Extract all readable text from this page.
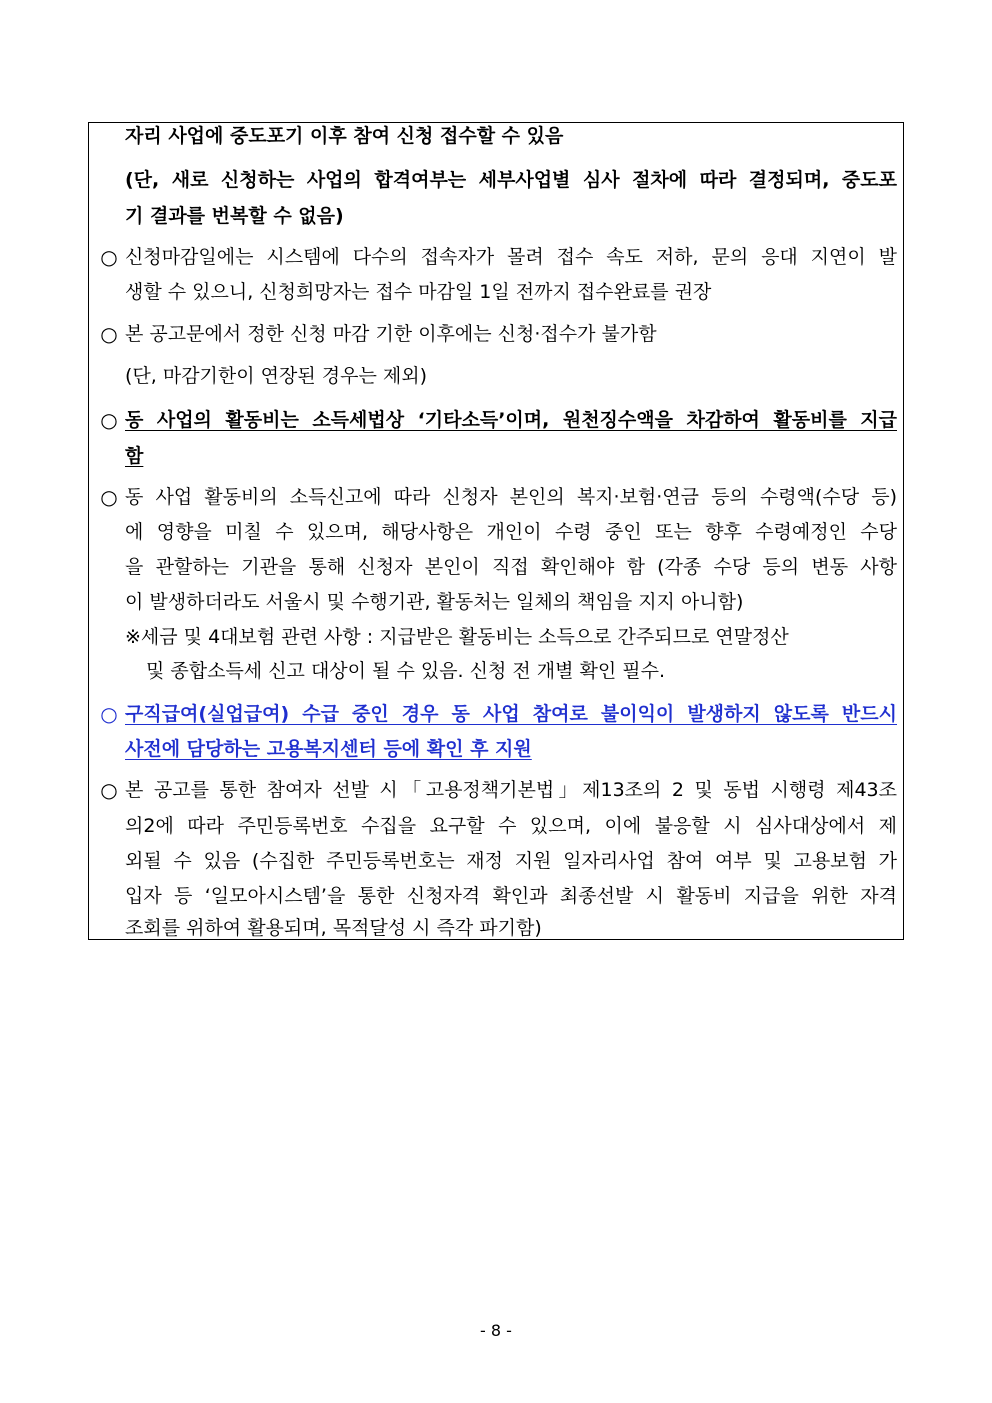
자리 사업에 중도포기 이후 참여 신청 접수할 수 있음
(단, 새로 신청하는 사업의 합격여부는 세부사업별 심사 절차에 따라 결정되며, 중도포
기 결과를 번복할 수 없음)
○ 신청마감일에는 시스템에 다수의 접속자가 몰려 접수 속도 저하, 문의 응대 지연이 발
생할 수 있으니, 신청희망자는 접수 마감일 1일 전까지 접수완료를 권장
○ 본 공고문에서 정한 신청 마감 기한 이후에는 신청‧접수가 불가함
(단, 마감기한이 연장된 경우는 제외)
○ 동 사업의 활동비는 소득세법상 ‘기타소득’이며, 원천징수액을 차감하여 활동비를 지급
함
○ 동 사업 활동비의 소득신고에 따라 신청자 본인의 복지‧보험‧연금 등의 수령액(수당 등)
에 영향을 미칠 수 있으며, 해당사항은 개인이 수령 중인 또는 향후 수령예정인 수당
을 관할하는 기관을 통해 신청자 본인이 직접 확인해야 함 (각종 수당 등의 변동 사항
이 발생하더라도 서울시 및 수행기관, 활동처는 일체의 책임을 지지 아니함)
※세금 및 4대보험 관련 사항 : 지급받은 활동비는 소득으로 간주되므로 연말정산
및 종합소득세 신고 대상이 될 수 있음. 신청 전 개별 확인 필수.
○ 구직급여(실업급여) 수급 중인 경우 동 사업 참여로 불이익이 발생하지 않도록 반드시
사전에 담당하는 고용복지센터 등에 확인 후 지원
○ 본 공고를 통한 참여자 선발 시「고용정책기본법」제13조의 2 및 동법 시행령 제43조
의2에 따라 주민등록번호 수집을 요구할 수 있으며, 이에 불응할 시 심사대상에서 제
외될 수 있음 (수집한 주민등록번호는 재정 지원 일자리사업 참여 여부 및 고용보험 가
입자 등 ‘일모아시스템’을 통한 신청자격 확인과 최종선발 시 활동비 지급을 위한 자격
조회를 위하여 활용되며, 목적달성 시 즉각 파기함)
- 8 -
